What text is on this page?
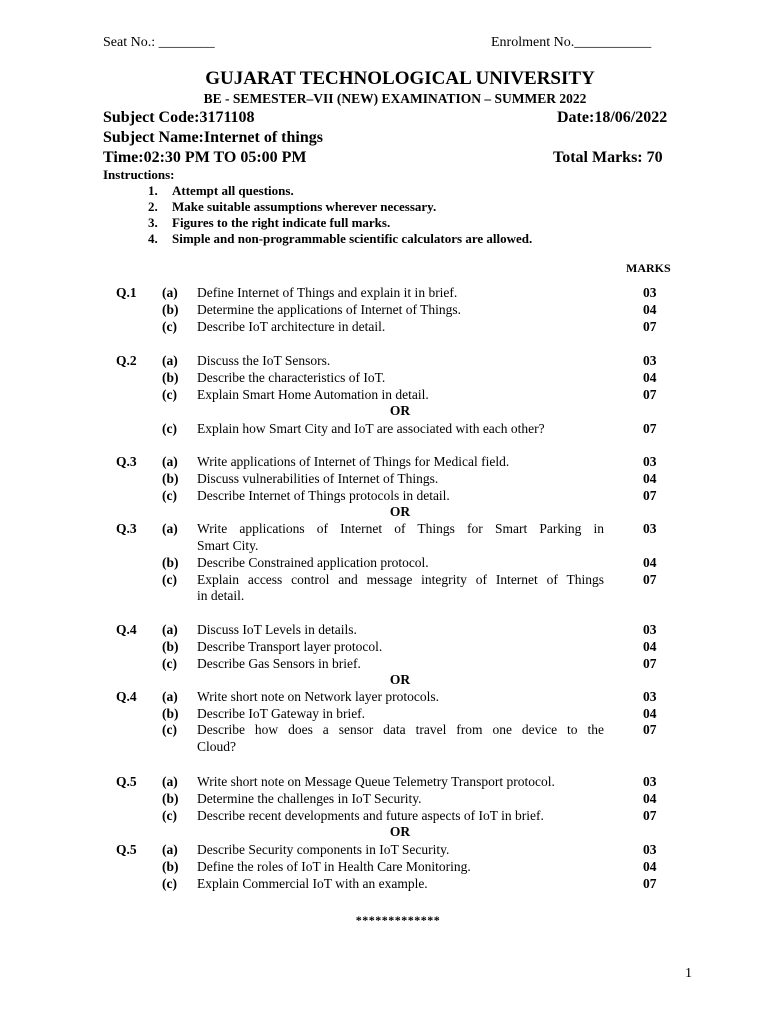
Seat No.: ________	Enrolment No.___________
GUJARAT TECHNOLOGICAL UNIVERSITY
BE - SEMESTER–VII (NEW) EXAMINATION – SUMMER 2022
Subject Code:3171108	Date:18/06/2022
Subject Name:Internet of things
Time:02:30 PM TO 05:00 PM	Total Marks: 70
Instructions:
1. Attempt all questions.
2. Make suitable assumptions wherever necessary.
3. Figures to the right indicate full marks.
4. Simple and non-programmable scientific calculators are allowed.
MARKS
Q.1 (a) Define Internet of Things and explain it in brief.	03
(b) Determine the applications of Internet of Things.	04
(c) Describe IoT architecture in detail.	07
Q.2 (a) Discuss the IoT Sensors.	03
(b) Describe the characteristics of IoT.	04
(c) Explain Smart Home Automation in detail.	07
OR
(c) Explain how Smart City and IoT are associated with each other?	07
Q.3 (a) Write applications of Internet of Things for Medical field.	03
(b) Discuss vulnerabilities of Internet of Things.	04
(c) Describe Internet of Things protocols in detail.	07
OR
Q.3 (a) Write applications of Internet of Things for Smart Parking in	03
Smart City.
(b) Describe Constrained application protocol.	04
(c) Explain access control and message integrity of Internet of Things	07
in detail.
Q.4 (a) Discuss IoT Levels in details.	03
(b) Describe Transport layer protocol.	04
(c) Describe Gas Sensors in brief.	07
OR
Q.4 (a) Write short note on Network layer protocols.	03
(b) Describe IoT Gateway in brief.	04
(c) Describe how does a sensor data travel from one device to the	07
Cloud?
Q.5 (a) Write short note on Message Queue Telemetry Transport protocol.	03
(b) Determine the challenges in IoT Security.	04
(c) Describe recent developments and future aspects of IoT in brief.	07
OR
Q.5 (a) Describe Security components in IoT Security.	03
(b) Define the roles of IoT in Health Care Monitoring.	04
(c) Explain Commercial IoT with an example.	07
*************
1
